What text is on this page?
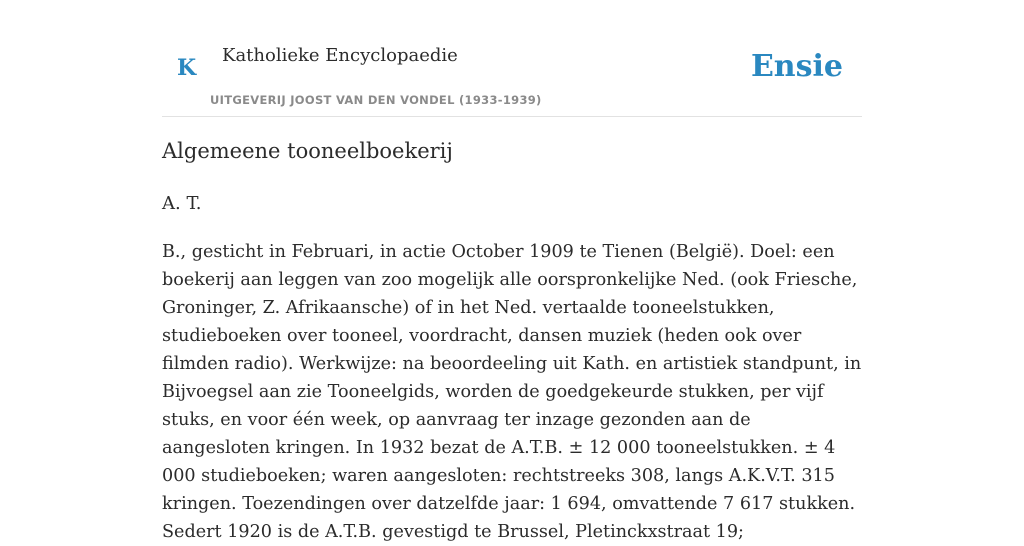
K Katholieke Encyclopaedie
UITGEVERIJ JOOST VAN DEN VONDEL (1933-1939)
Ensie
Algemeene tooneelboekerij
A. T.

B., gesticht in Februari, in actie October 1909 te Tienen (België). Doel: een boekerij aan leggen van zoo mogelijk alle oorspronkelijke Ned. (ook Friesche, Groninger, Z. Afrikaansche) of in het Ned. vertaalde tooneelstukken, studieboeken over tooneel, voordracht, dansen muziek (heden ook over filmden radio). Werkwijze: na beoordeeling uit Kath. en artistiek standpunt, in Bijvoegsel aan zie Tooneelgids, worden de goedgekeurde stukken, per vijf stuks, en voor één week, op aanvraag ter inzage gezonden aan de aangesloten kringen. In 1932 bezat de A.T.B. ± 12 000 tooneelstukken. ± 4 000 studieboeken; waren aangesloten: rechtstreeks 308, langs A.K.V.T. 315 kringen. Toezendingen over datzelfde jaar: 1 694, omvattende 7 617 stukken. Sedert 1920 is de A.T.B. gevestigd te Brussel, Pletinckxstraat 19;
